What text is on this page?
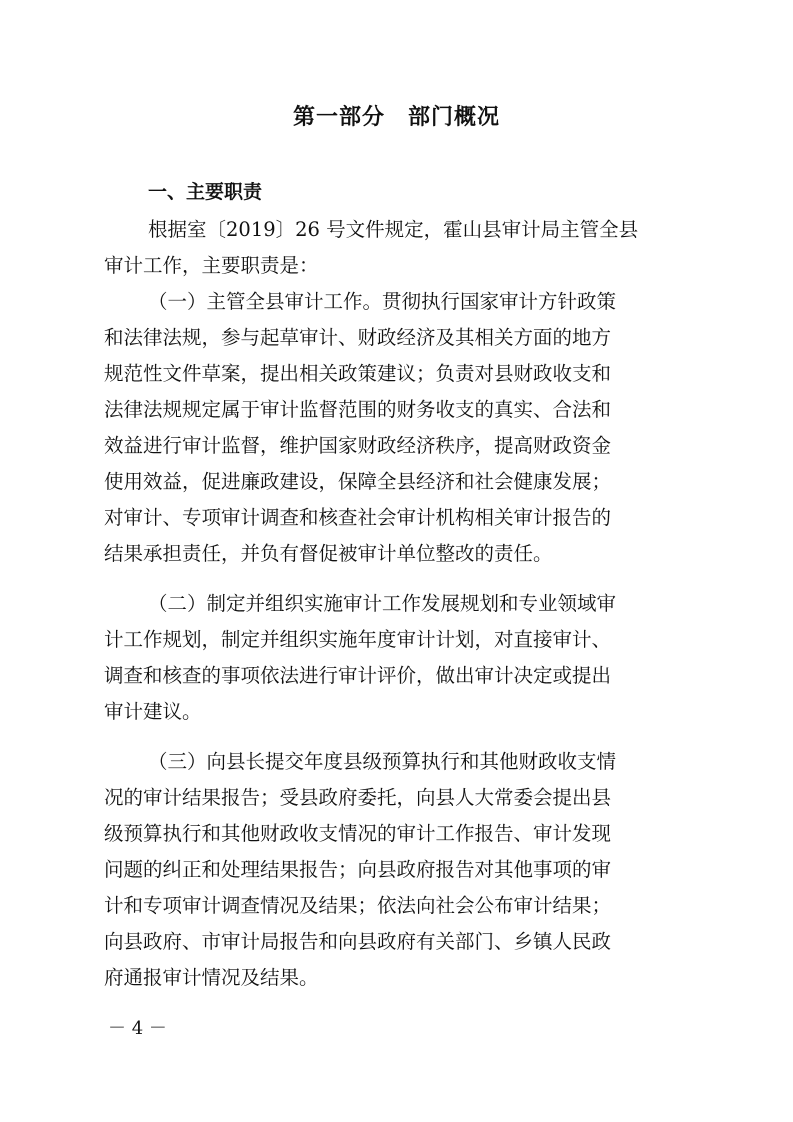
第一部分　部门概况
一、主要职责
根据室〔2019〕26 号文件规定，霍山县审计局主管全县
审计工作，主要职责是：
（一）主管全县审计工作。贯彻执行国家审计方针政策
和法律法规，参与起草审计、财政经济及其相关方面的地方
规范性文件草案，提出相关政策建议；负责对县财政收支和
法律法规规定属于审计监督范围的财务收支的真实、合法和
效益进行审计监督，维护国家财政经济秩序，提高财政资金
使用效益，促进廉政建设，保障全县经济和社会健康发展；
对审计、专项审计调查和核查社会审计机构相关审计报告的
结果承担责任，并负有督促被审计单位整改的责任。
（二）制定并组织实施审计工作发展规划和专业领域审
计工作规划，制定并组织实施年度审计计划，对直接审计、
调查和核查的事项依法进行审计评价，做出审计决定或提出
审计建议。
（三）向县长提交年度县级预算执行和其他财政收支情
况的审计结果报告；受县政府委托，向县人大常委会提出县
级预算执行和其他财政收支情况的审计工作报告、审计发现
问题的纠正和处理结果报告；向县政府报告对其他事项的审
计和专项审计调查情况及结果；依法向社会公布审计结果；
向县政府、市审计局报告和向县政府有关部门、乡镇人民政
府通报审计情况及结果。
－ 4 －
